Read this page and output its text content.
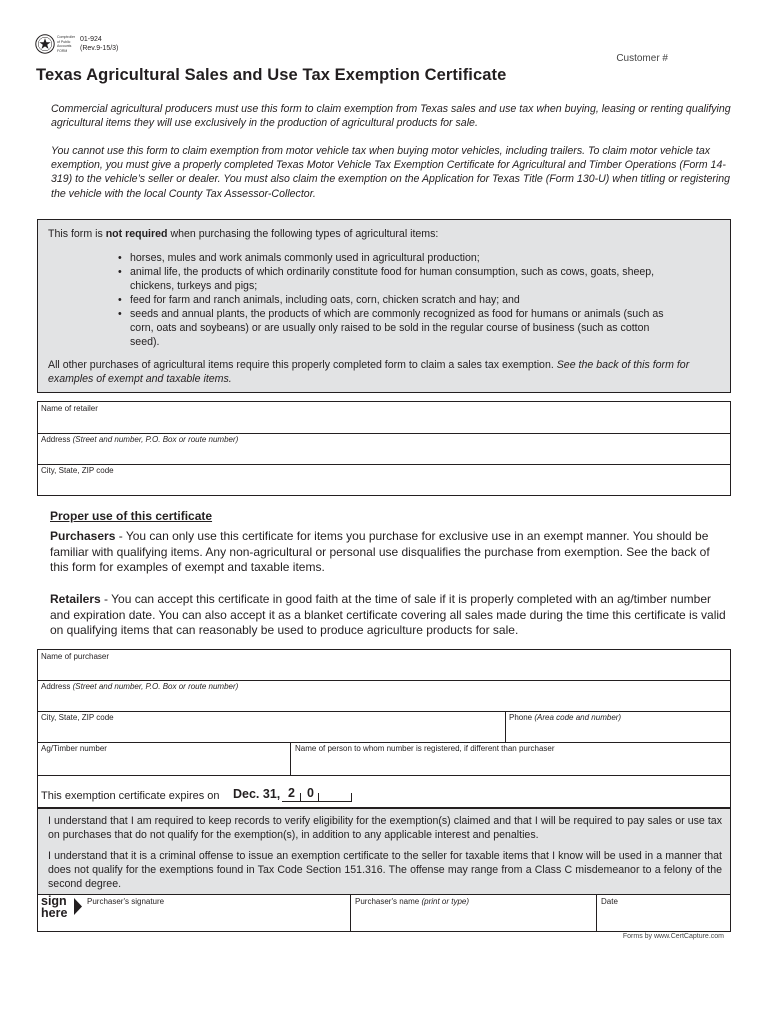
Comptroller
of Public
Accounts
FORM
01-924
(Rev.9-15/3)
Customer #
Texas Agricultural Sales and Use Tax Exemption Certificate

Commercial agricultural producers must use this form to claim exemption from Texas sales and use tax when buying, leasing or renting qualifying agricultural items they will use exclusively in the production of agricultural products for sale.

You cannot use this form to claim exemption from motor vehicle tax when buying motor vehicles, including trailers. To claim motor vehicle tax exemption, you must give a properly completed Texas Motor Vehicle Tax Exemption Certificate for Agricultural and Timber Operations (Form 14-319) to the vehicle’s seller or dealer. You must also claim the exemption on the Application for Texas Title (Form 130-U) when titling or registering the vehicle with the local County Tax Assessor-Collector.

This form is not required when purchasing the following types of agricultural items:

• horses, mules and work animals commonly used in agricultural production;
• animal life, the products of which ordinarily constitute food for human consumption, such as cows, goats, sheep, chickens, turkeys and pigs;
• feed for farm and ranch animals, including oats, corn, chicken scratch and hay; and
• seeds and annual plants, the products of which are commonly recognized as food for humans or animals (such as corn, oats and soybeans) or are usually only raised to be sold in the regular course of business (such as cotton seed).

All other purchases of agricultural items require this properly completed form to claim a sales tax exemption. See the back of this form for examples of exempt and taxable items.

Name of retailer
Address (Street and number, P.O. Box or route number)
City, State, ZIP code
Proper use of this certificate

Purchasers - You can only use this certificate for items you purchase for exclusive use in an exempt manner. You should be familiar with qualifying items. Any non-agricultural or personal use disqualifies the purchase from exemption. See the back of this form for examples of exempt and taxable items.

Retailers - You can accept this certificate in good faith at the time of sale if it is properly completed with an ag/timber number and expiration date. You can also accept it as a blanket certificate covering all sales made during the time this certificate is valid on qualifying items that can reasonably be used to produce agriculture products for sale.

Name of purchaser
Address (Street and number, P.O. Box or route number)
City, State, ZIP code	Phone (Area code and number)
Ag/Timber number	Name of person to whom number is registered, if different than purchaser
This exemption certificate expires on Dec. 31, 2 0

I understand that I am required to keep records to verify eligibility for the exemption(s) claimed and that I will be required to pay sales or use tax on purchases that do not qualify for the exemption(s), in addition to any applicable interest and penalties.

I understand that it is a criminal offense to issue an exemption certificate to the seller for taxable items that I know will be used in a manner that does not qualify for the exemptions found in Tax Code Section 151.316. The offense may range from a Class C misdemeanor to a felony of the second degree.

sign
here
Purchaser's signature	Purchaser's name (print or type)	Date
Forms by www.CertCapture.com
